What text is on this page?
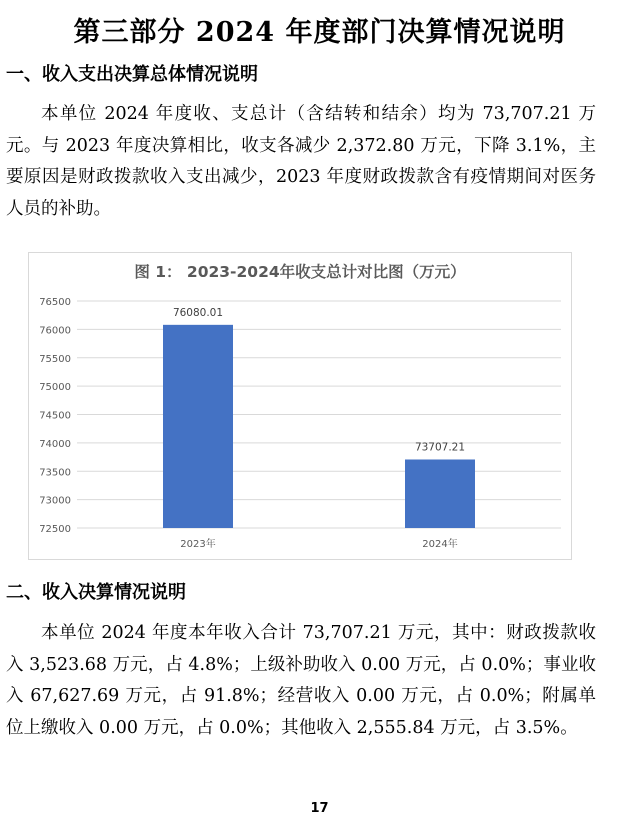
第三部分 2024 年度部门决算情况说明
一、收入支出决算总体情况说明

本单位 2024 年度收、支总计（含结转和结余）均为 73,707.21 万元。与 2023 年度决算相比，收支各减少 2,372.80 万元，下降 3.1%，主要原因是财政拨款收入支出减少，2023 年度财政拨款含有疫情期间对医务人员的补助。

图 1： 2023-2024年收支总计对比图（万元）
72500
73000
73500
74000
74500
75000
75500
76000
76500
76080.01
2023年
73707.21
2024年
二、收入决算情况说明

本单位 2024 年度本年收入合计 73,707.21 万元，其中：财政拨款收入 3,523.68 万元，占 4.8%；上级补助收入 0.00 万元，占 0.0%；事业收入 67,627.69 万元，占 91.8%；经营收入 0.00 万元，占 0.0%；附属单位上缴收入 0.00 万元，占 0.0%；其他收入 2,555.84 万元，占 3.5%。

17
